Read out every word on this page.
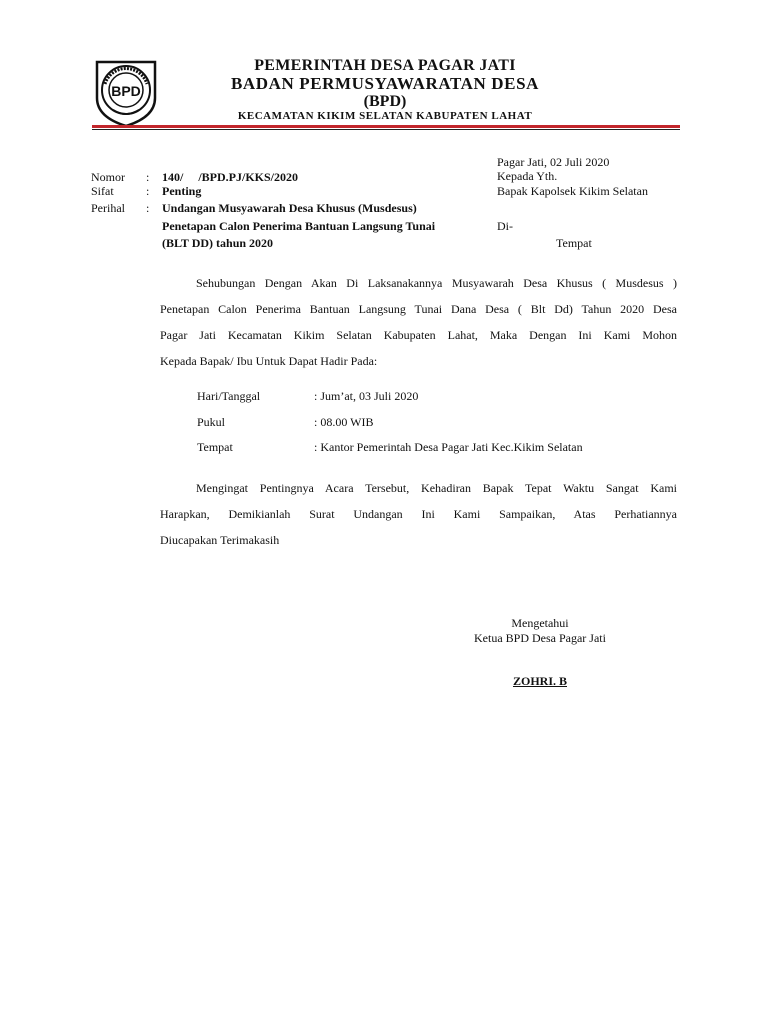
BPD
PEMERINTAH DESA PAGAR JATI
BADAN PERMUSYAWARATAN DESA
(BPD)
KECAMATAN KIKIM SELATAN KABUPATEN LAHAT
Pagar Jati, 02 Juli 2020
Kepada Yth.
Bapak Kapolsek Kikim Selatan
Di-
Tempat
Nomor : 140/     /BPD.PJ/KKS/2020
Sifat	: Penting
Perihal : Undangan Musyawarah Desa Khusus (Musdesus)
Penetapan Calon Penerima Bantuan Langsung Tunai
(BLT DD) tahun 2020
Sehubungan Dengan Akan Di Laksanakannya Musyawarah Desa Khusus ( Musdesus )
Penetapan Calon Penerima Bantuan Langsung Tunai Dana Desa ( Blt Dd) Tahun 2020 Desa
Pagar Jati Kecamatan Kikim Selatan Kabupaten Lahat, Maka Dengan Ini Kami Mohon
Kepada Bapak/ Ibu Untuk Dapat Hadir Pada:
Hari/Tanggal	: Jum’at, 03 Juli 2020
Pukul	: 08.00 WIB
Tempat	: Kantor Pemerintah Desa Pagar Jati Kec.Kikim Selatan
Mengingat Pentingnya Acara Tersebut, Kehadiran Bapak Tepat Waktu Sangat Kami
Harapkan, Demikianlah Surat Undangan Ini Kami Sampaikan, Atas Perhatiannya
Diucapakan Terimakasih
Mengetahui
Ketua BPD Desa Pagar Jati
ZOHRI. B
